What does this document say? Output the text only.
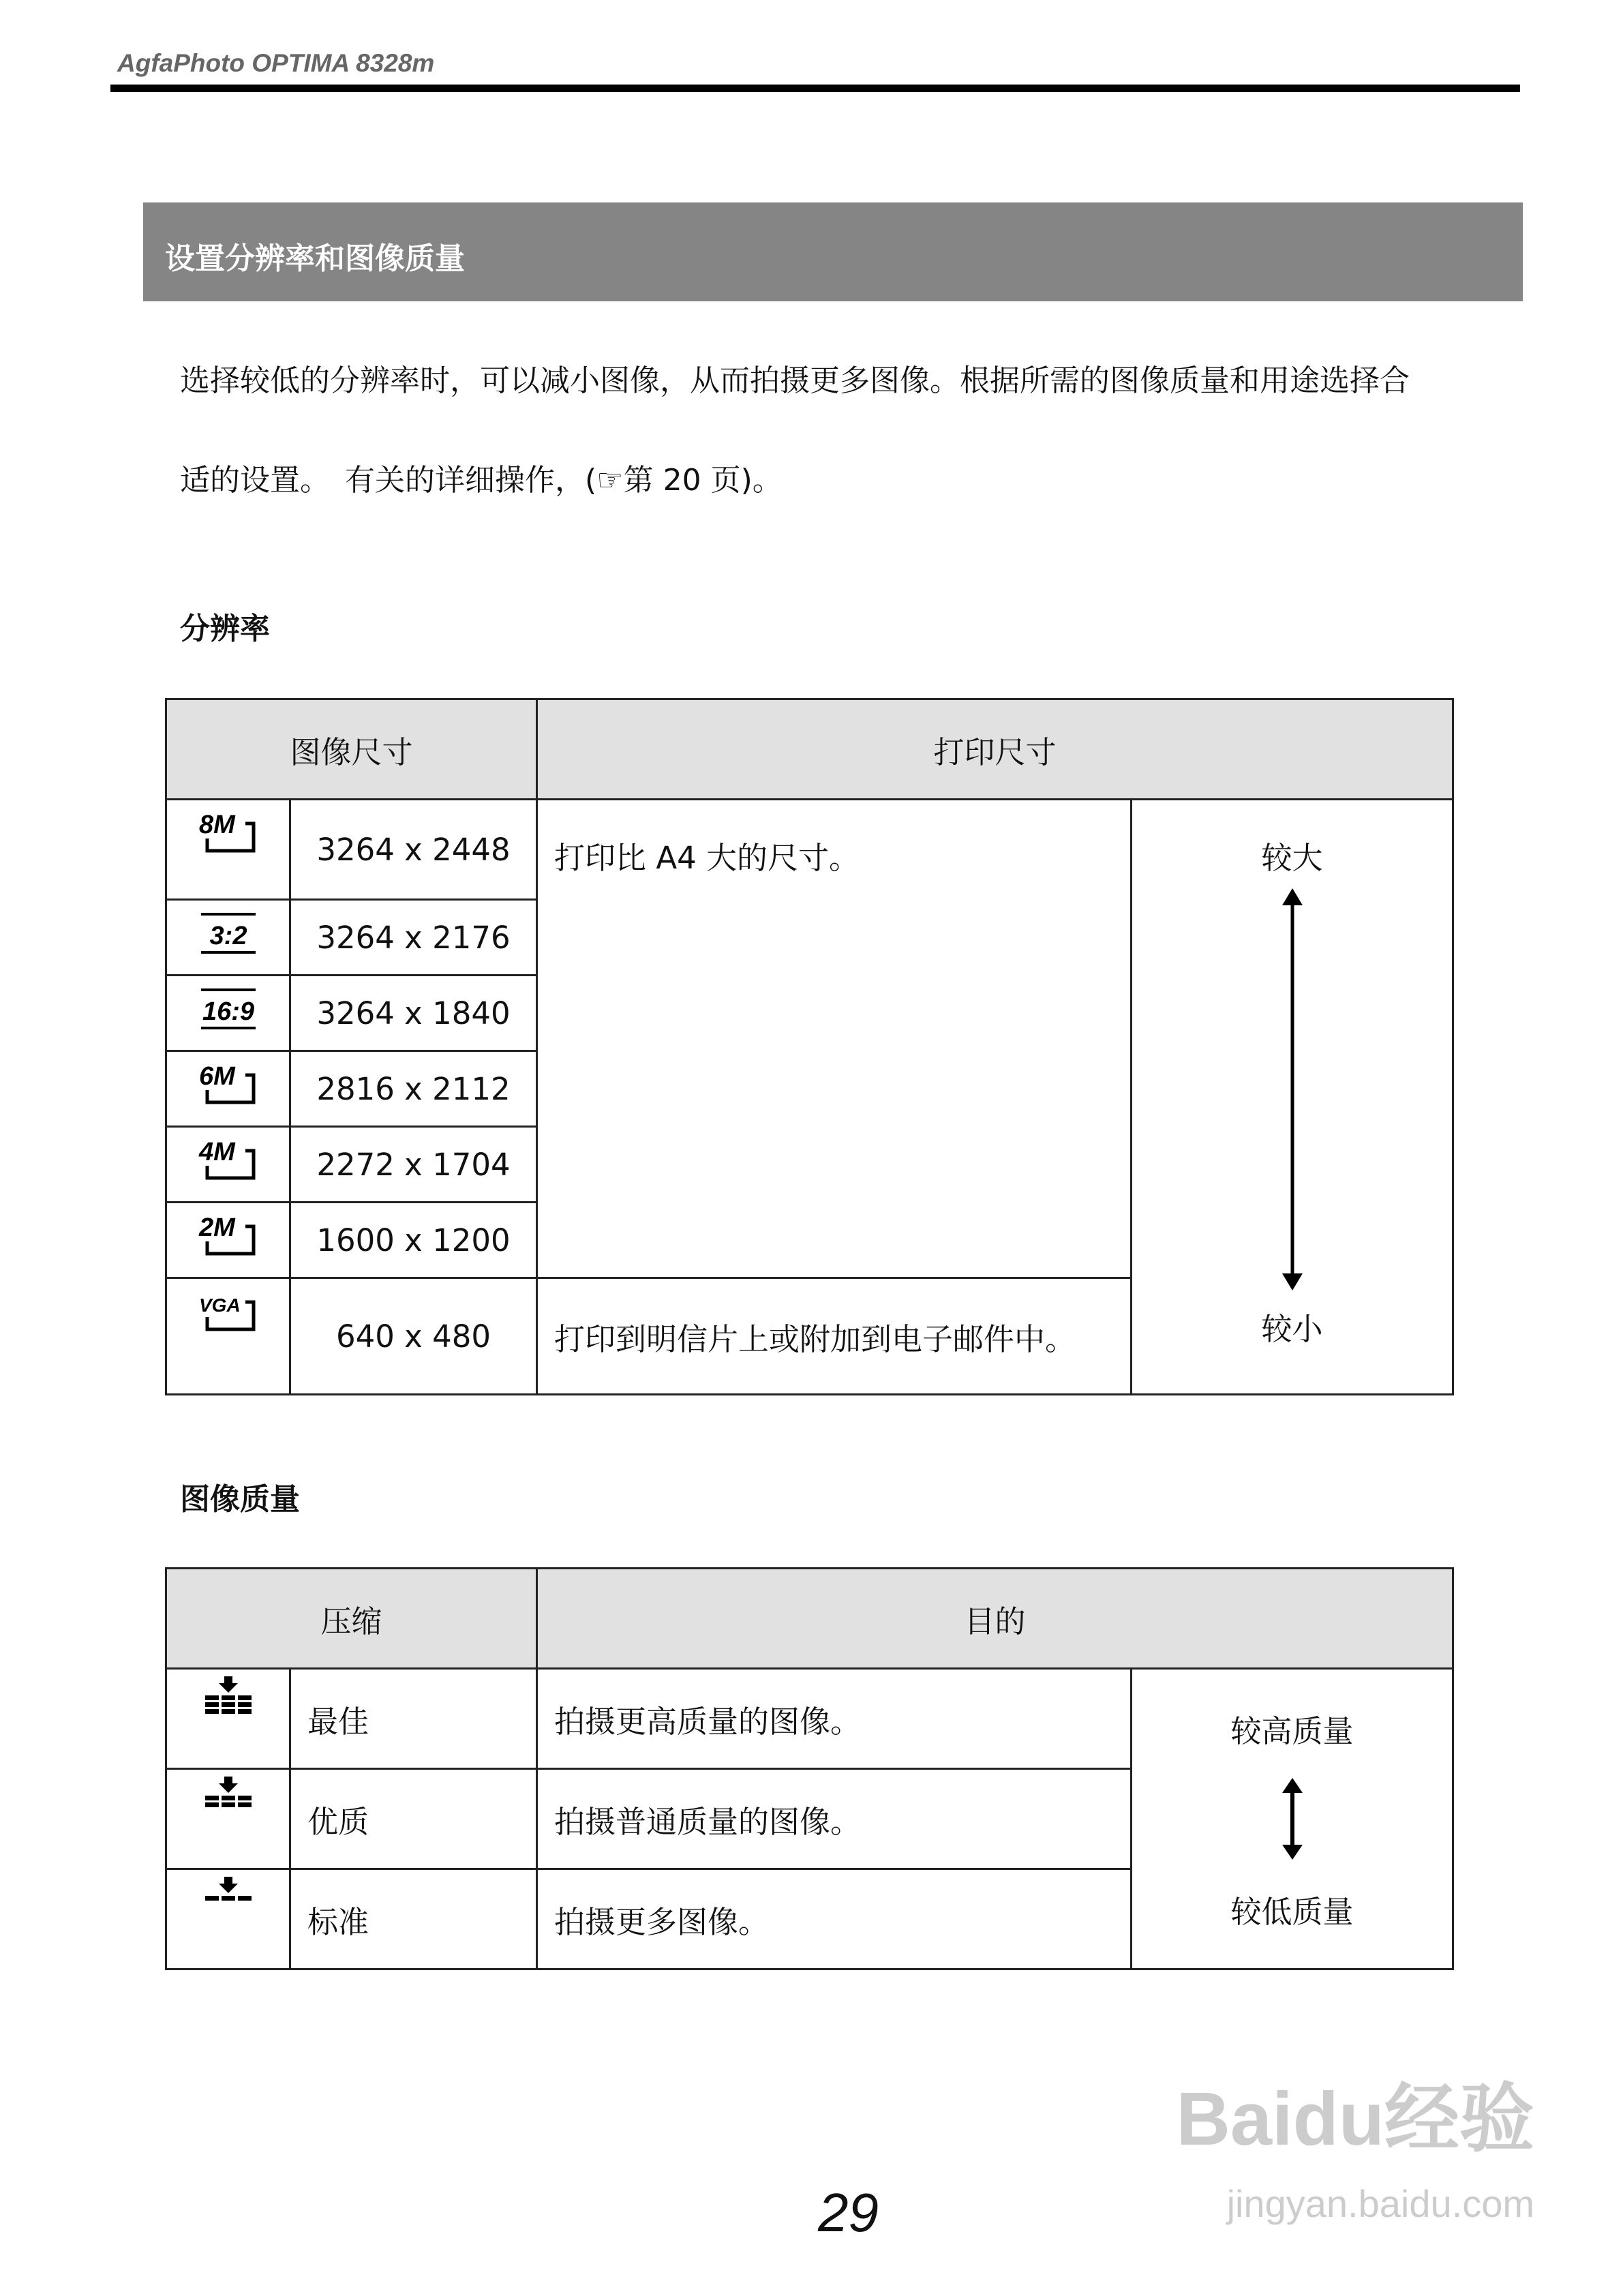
AgfaPhoto OPTIMA 8328m
设置分辨率和图像质量
选择较低的分辨率时，可以减小图像，从而拍摄更多图像。根据所需的图像质量和用途选择合
适的设置。　有关的详细操作，(☞第 20 页)。
分辨率
图像尺寸		打印尺寸	

8M	3264 x 2448	打印比 A4 大的尺寸。	较大
较小

3:2	3264 x 2176		

16:9	3264 x 1840		

6M	2816 x 2112		

4M	2272 x 1704		

2M	1600 x 1200		

VGA	640 x 480	打印到明信片上或附加到电子邮件中。	
图像质量
压缩		目的	

	最佳	拍摄更高质量的图像。	较高质量
较低质量

	优质	拍摄普通质量的图像。	

	标准	拍摄更多图像。	
29
Baidu经验
jingyan.baidu.com
